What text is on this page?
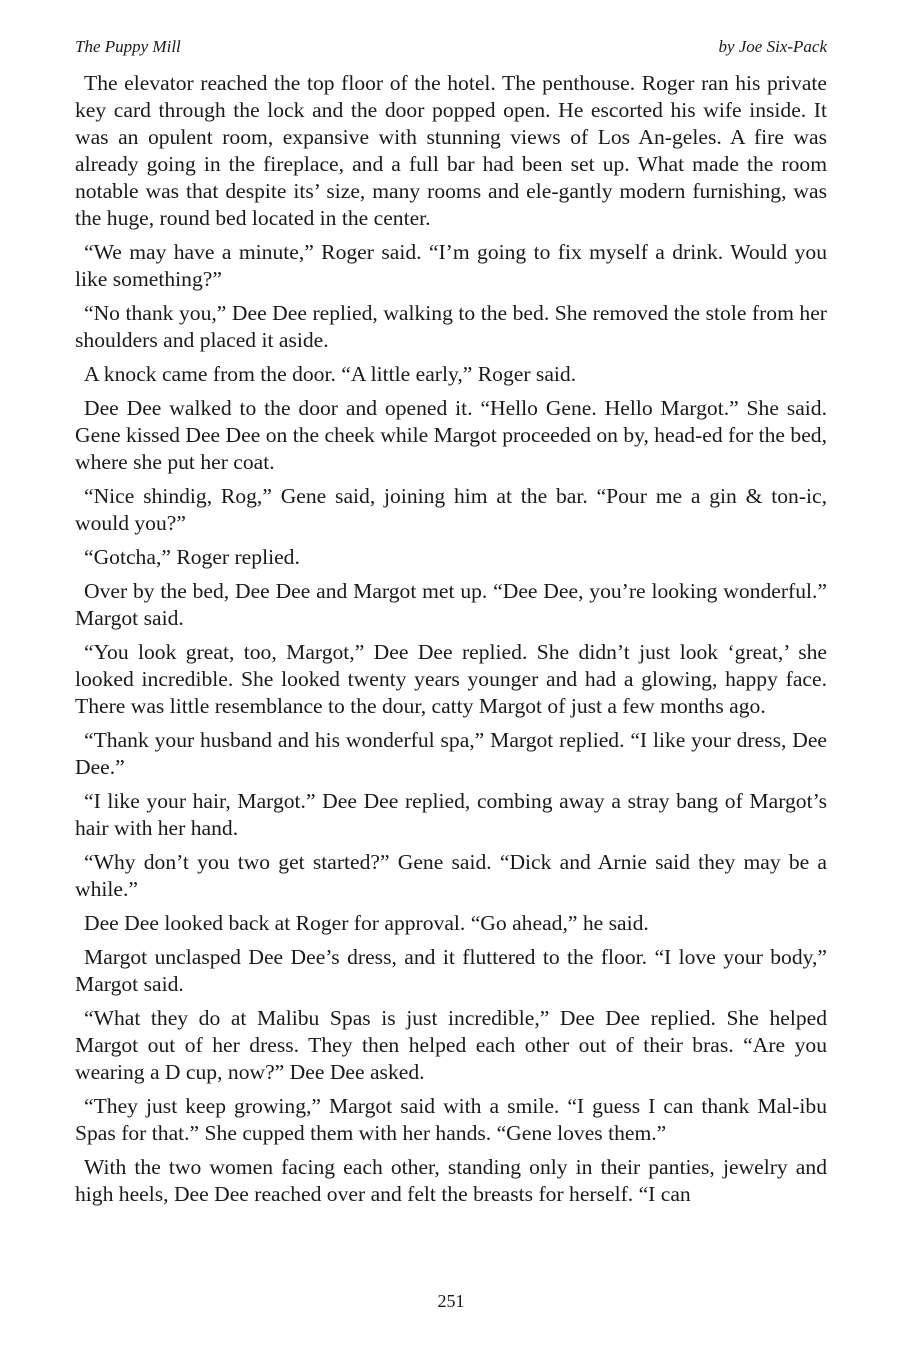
The Puppy Mill	by Joe Six-Pack

The elevator reached the top floor of the hotel. The penthouse. Roger ran his private key card through the lock and the door popped open. He escorted his wife inside. It was an opulent room, expansive with stunning views of Los An-geles. A fire was already going in the fireplace, and a full bar had been set up. What made the room notable was that despite its’ size, many rooms and ele-gantly modern furnishing, was the huge, round bed located in the center.

“We may have a minute,” Roger said. “I’m going to fix myself a drink. Would you like something?”

“No thank you,” Dee Dee replied, walking to the bed. She removed the stole from her shoulders and placed it aside.

A knock came from the door. “A little early,” Roger said.

Dee Dee walked to the door and opened it. “Hello Gene. Hello Margot.” She said. Gene kissed Dee Dee on the cheek while Margot proceeded on by, head-ed for the bed, where she put her coat.

“Nice shindig, Rog,” Gene said, joining him at the bar. “Pour me a gin & ton-ic, would you?”

“Gotcha,” Roger replied.

Over by the bed, Dee Dee and Margot met up. “Dee Dee, you’re looking wonderful.” Margot said.

“You look great, too, Margot,” Dee Dee replied. She didn’t just look ‘great,’ she looked incredible. She looked twenty years younger and had a glowing, happy face. There was little resemblance to the dour, catty Margot of just a few months ago.

“Thank your husband and his wonderful spa,” Margot replied. “I like your dress, Dee Dee.”

“I like your hair, Margot.” Dee Dee replied, combing away a stray bang of Margot’s hair with her hand.

“Why don’t you two get started?” Gene said. “Dick and Arnie said they may be a while.”

Dee Dee looked back at Roger for approval. “Go ahead,” he said.

Margot unclasped Dee Dee’s dress, and it fluttered to the floor. “I love your body,” Margot said.

“What they do at Malibu Spas is just incredible,” Dee Dee replied. She helped Margot out of her dress. They then helped each other out of their bras. “Are you wearing a D cup, now?” Dee Dee asked.

“They just keep growing,” Margot said with a smile. “I guess I can thank Mal-ibu Spas for that.” She cupped them with her hands. “Gene loves them.”

With the two women facing each other, standing only in their panties, jewelry and high heels, Dee Dee reached over and felt the breasts for herself. “I can

251
